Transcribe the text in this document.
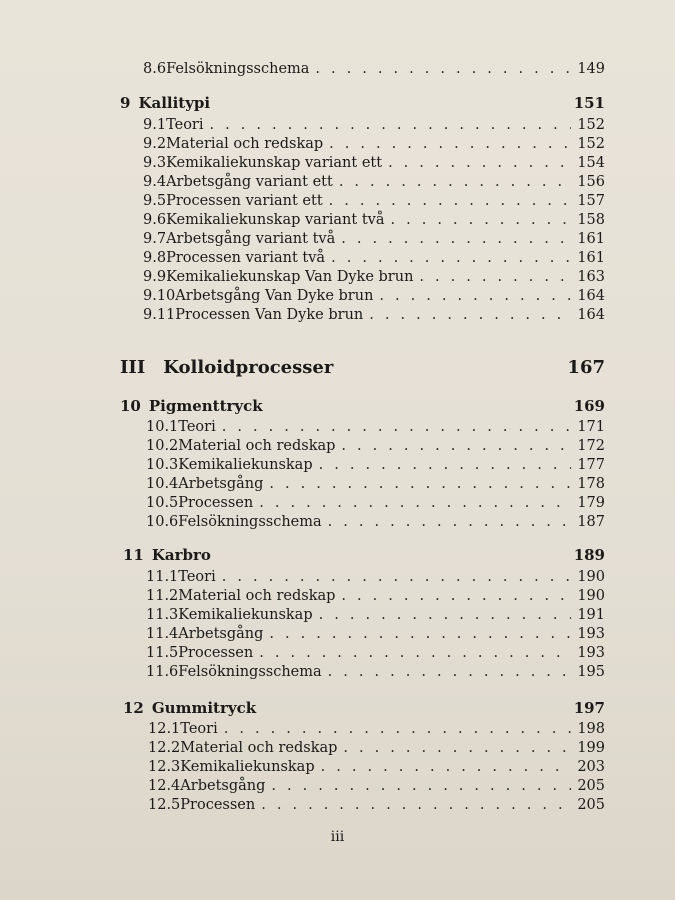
8.6 Felsökningsschema . . .	149
9 Kallitypi	151
9.1 Teori . . .	152
9.2 Material och redskap . . .	152
9.3 Kemikaliekunskap variant ett . . .	154
9.4 Arbetsgång variant ett . . .	156
9.5 Processen variant ett . . .	157
9.6 Kemikaliekunskap variant två . . .	158
9.7 Arbetsgång variant två . . .	161
9.8 Processen variant två . . .	161
9.9 Kemikaliekunskap Van Dyke brun . . .	163
9.10 Arbetsgång Van Dyke brun . . .	164
9.11 Processen Van Dyke brun . . .	164
III Kolloidprocesser	167
10 Pigmenttryck	169
10.1 Teori . . .	171
10.2 Material och redskap . . .	172
10.3 Kemikaliekunskap . . .	177
10.4 Arbetsgång . . .	178
10.5 Processen . . .	179
10.6 Felsökningsschema . . .	187
11 Karbro	189
11.1 Teori . . .	190
11.2 Material och redskap . . .	190
11.3 Kemikaliekunskap . . .	191
11.4 Arbetsgång . . .	193
11.5 Processen . . .	193
11.6 Felsökningsschema . . .	195
12 Gummitryck	197
12.1 Teori . . .	198
12.2 Material och redskap . . .	199
12.3 Kemikaliekunskap . . .	203
12.4 Arbetsgång . . .	205
12.5 Processen . . .	205
iii
